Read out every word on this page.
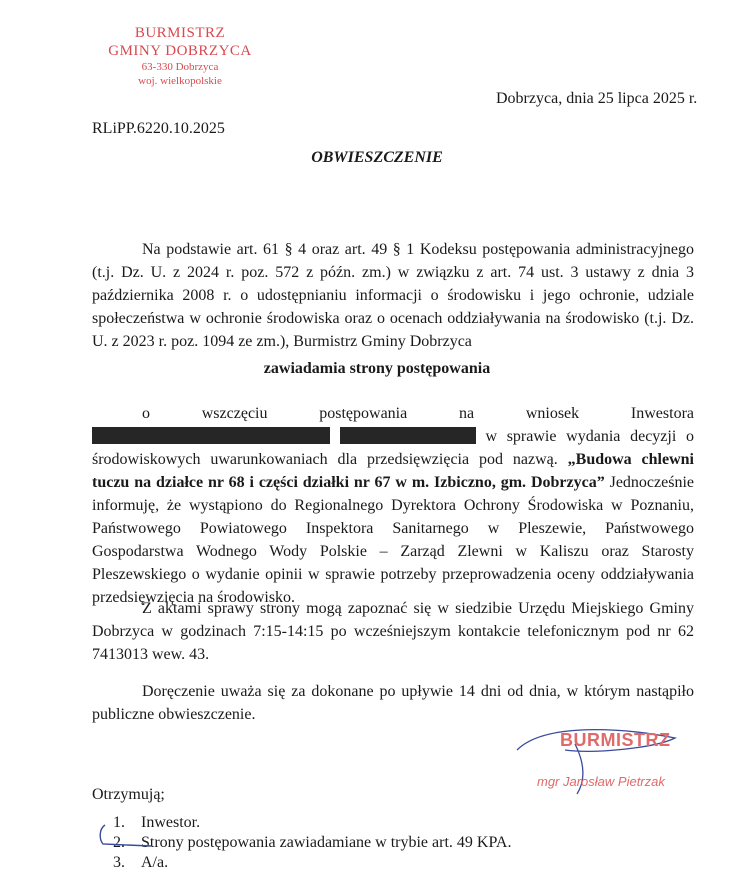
BURMISTRZ
GMINY DOBRZYCA
63-330 Dobrzyca
woj. wielkopolskie
Dobrzyca, dnia 25 lipca 2025 r.
RLiPP.6220.10.2025
OBWIESZCZENIE
Na podstawie art. 61 § 4 oraz art. 49 § 1 Kodeksu postępowania administracyjnego (t.j. Dz. U. z 2024 r. poz. 572 z późn. zm.) w związku z art. 74 ust. 3 ustawy z dnia 3 października 2008 r. o udostępnianiu informacji o środowisku i jego ochronie, udziale społeczeństwa w ochronie środowiska oraz o ocenach oddziaływania na środowisko (t.j. Dz. U. z 2023 r. poz. 1094 ze zm.), Burmistrz Gminy Dobrzyca
zawiadamia strony postępowania
o wszczęciu postępowania na wniosek Inwestora   w sprawie wydania decyzji o środowiskowych uwarunkowaniach dla przedsięwzięcia pod nazwą. „Budowa chlewni tuczu na działce nr 68 i części działki nr 67 w m. Izbiczno, gm. Dobrzyca” Jednocześnie informuję, że wystąpiono do Regionalnego Dyrektora Ochrony Środowiska w Poznaniu, Państwowego Powiatowego Inspektora Sanitarnego w Pleszewie, Państwowego Gospodarstwa Wodnego Wody Polskie – Zarząd Zlewni w Kaliszu oraz Starosty Pleszewskiego o wydanie opinii w sprawie potrzeby przeprowadzenia oceny oddziaływania przedsięwzięcia na środowisko.
Z aktami sprawy strony mogą zapoznać się w siedzibie Urzędu Miejskiego Gminy Dobrzyca w godzinach 7:15-14:15 po wcześniejszym kontakcie telefonicznym pod nr 62 7413013 wew. 43.
Doręczenie uważa się za dokonane po upływie 14 dni od dnia, w którym nastąpiło publiczne obwieszczenie.
BURMISTRZ
mgr Jarosław Pietrzak
Otrzymują;
1. Inwestor.
2. Strony postępowania zawiadamiane w trybie art. 49 KPA.
3. A/a.
